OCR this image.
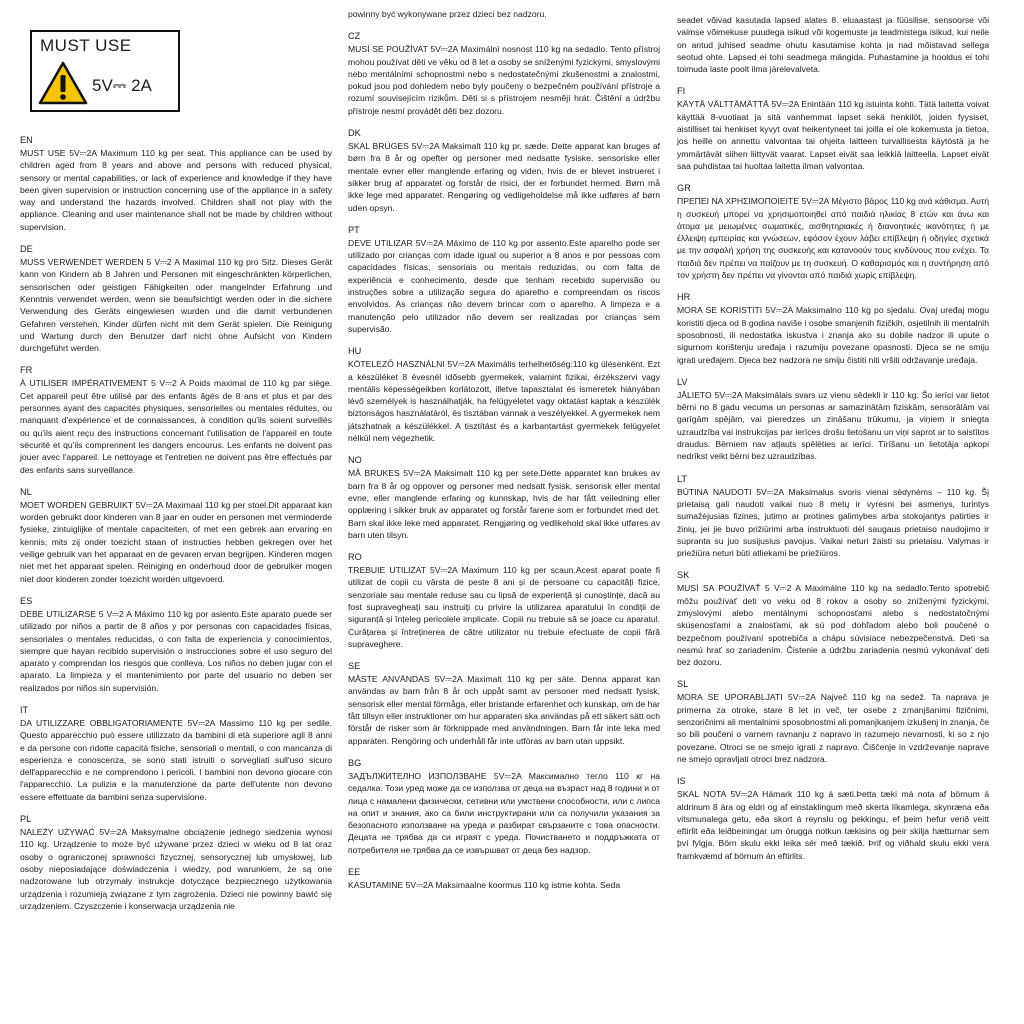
MUST USE
5V⎓ 2A
EN

MUST USE 5V⎓2A Maximum 110 kg per seat. This appliance can be used by children aged from 8 years and above and persons with reduced physical, sensory or mental capabilities, or lack of experience and knowledge if they have been given supervision or instruction concerning use of the appliance in a safety way and understand the hazards involved. Children shall not play with the appliance. Cleaning and user maintenance shall not be made by children without supervision.

DE

MUSS VERWENDET WERDEN 5 V⎓2 A Maximal 110 kg pro Sitz. Dieses Gerät kann von Kindern ab 8 Jahren und Personen mit eingeschränkten körperlichen, sensorischen oder geistigen Fähigkeiten oder mangelnder Erfahrung und Kenntnis verwendet werden, wenn sie beaufsichtigt werden oder in die sichere Verwendung des Geräts eingewiesen wurden und die damit verbundenen Gefahren verstehen. Kinder dürfen nicht mit dem Gerät spielen. Die Reinigung und Wartung durch den Benutzer darf nicht ohne Aufsicht von Kindern durchgeführt werden.

FR

À UTILISER IMPÉRATIVEMENT 5 V⎓2 A Poids maximal de 110 kg par siège. Cet appareil peut être utilisé par des enfants âgés de 8 ans et plus et par des personnes ayant des capacités physiques, sensorielles ou mentales réduites, ou manquant d'expérience et de connaissances, à condition qu'ils soient surveillés ou qu'ils aient reçu des instructions concernant l'utilisation de l'appareil en toute sécurité et qu'ils comprennent les dangers encourus. Les enfants ne doivent pas jouer avec l'appareil. Le nettoyage et l'entretien ne doivent pas être effectués par des enfants sans surveillance.

NL

MOET WORDEN GEBRUIKT 5V⎓2A Maximaal 110 kg per stoel.Dit apparaat kan worden gebruikt door kinderen van 8 jaar en ouder en personen met verminderde fysieke, zintuiglijke of mentale capaciteiten, of met een gebrek aan ervaring en kennis, mits zij onder toezicht staan of instructies hebben gekregen over het veilige gebruik van het apparaat en de gevaren ervan begrijpen. Kinderen mogen niet met het apparaat spelen. Reiniging en onderhoud door de gebruiker mogen niet door kinderen zonder toezicht worden uitgevoerd.

ES

DEBE UTILIZARSE 5 V⎓2 A Máximo 110 kg por asiento.Este aparato puede ser utilizado por niños a partir de 8 años y por personas con capacidades físicas, sensoriales o mentales reducidas, o con falta de experiencia y conocimientos, siempre que hayan recibido supervisión o instrucciones sobre el uso seguro del aparato y comprendan los riesgos que conlleva. Los niños no deben jugar con el aparato. La limpieza y el mantenimiento por parte del usuario no deben ser realizados por niños sin supervisión.

IT

DA UTILIZZARE OBBLIGATORIAMENTE 5V⎓2A Massimo 110 kg per sedile. Questo apparecchio può essere utilizzato da bambini di età superiore agli 8 anni e da persone con ridotte capacità fisiche, sensoriali o mentali, o con mancanza di esperienza e conoscenza, se sono stati istruiti o sorvegliati sull'uso sicuro dell'apparecchio e ne comprendono i pericoli. I bambini non devono giocare con l'apparecchio. La pulizia e la manutenzione da parte dell'utente non devono essere effettuate da bambini senza supervisione.

PL

NALEŻY UŻYWAĆ 5V⎓2A Maksymalne obciążenie jednego siedzenia wynosi 110 kg. Urządzenie to może być używane przez dzieci w wieku od 8 lat oraz osoby o ograniczonej sprawności fizycznej, sensorycznej lub umysłowej, lub osoby nieposiadające doświadczenia i wiedzy, pod warunkiem, że są one nadzorowane lub otrzymały instrukcje dotyczące bezpiecznego użytkowania urządzenia i rozumieją związane z tym zagrożenia. Dzieci nie powinny bawić się urządzeniem. Czyszczenie i konserwacja urządzenia nie

powinny być wykonywane przez dzieci bez nadzoru.

CZ

MUSÍ SE POUŽÍVAT 5V⎓2A Maximální nosnost 110 kg na sedadlo. Tento přístroj mohou používat děti ve věku od 8 let a osoby se sníženými fyzickými, smyslovými nebo mentálními schopnostmi nebo s nedostatečnými zkušenostmi a znalostmi, pokud jsou pod dohledem nebo byly poučeny o bezpečném používání přístroje a rozumí souvisejícím rizikům. Děti si s přístrojem nesmějí hrát. Čištění a údržbu přístroje nesmí provádět děti bez dozoru.

DK

SKAL BRUGES 5V⎓2A Maksimalt 110 kg pr. sæde. Dette apparat kan bruges af børn fra 8 år og opefter og personer med nedsatte fysiske, sensoriske eller mentale evner eller manglende erfaring og viden, hvis de er blevet instrueret i sikker brug af apparatet og forstår de risici, der er forbundet hermed. Børn må ikke lege med apparatet. Rengøring og vedligeholdelse må ikke udføres af børn uden opsyn.

PT

DEVE UTILIZAR 5V⎓2A Máximo de 110 kg por assento.Este aparelho pode ser utilizado por crianças com idade igual ou superior a 8 anos e por pessoas com capacidades físicas, sensoriais ou mentais reduzidas, ou com falta de experiência e conhecimento, desde que tenham recebido supervisão ou instruções sobre a utilização segura do aparelho e compreendam os riscos envolvidos. As crianças não devem brincar com o aparelho. A limpeza e a manutenção pelo utilizador não devem ser realizadas por crianças sem supervisão.

HU

KÖTELEZŐ HASZNÁLNI 5V⎓2A Maximális terhelhetőség:110 kg ülésenként. Ezt a készüléket 8 évesnél idősebb gyermekek, valamint fizikai, érzékszervi vagy mentális képességeikben korlátozott, illetve tapasztalat és ismeretek hiányában lévő személyek is használhatják, ha felügyeletet vagy oktatást kaptak a készülék biztonságos használatáról, és tisztában vannak a veszélyekkel. A gyermekek nem játszhatnak a készülékkel. A tisztítást és a karbantartást gyermekek felügyelet nélkül nem végezhetik.

NO

MÅ BRUKES 5V⎓2A Maksimalt 110 kg per sete.Dette apparatet kan brukes av barn fra 8 år og oppover og personer med nedsatt fysisk, sensorisk eller mental evne, eller manglende erfaring og kunnskap, hvis de har fått veiledning eller opplæring i sikker bruk av apparatet og forstår farene som er forbundet med det. Barn skal ikke leke med apparatet. Rengjøring og vedlikehold skal ikke utføres av barn uten tilsyn.

RO

TREBUIE UTILIZAT 5V⎓2A Maximum 110 kg per scaun.Acest aparat poate fi utilizat de copii cu vârsta de peste 8 ani și de persoane cu capacități fizice, senzoriale sau mentale reduse sau cu lipsă de experiență și cunoștințe, dacă au fost supravegheați sau instruiți cu privire la utilizarea aparatului în condiții de siguranță și înțeleg pericolele implicate. Copiii nu trebuie să se joace cu aparatul. Curățarea și întreținerea de către utilizator nu trebuie efectuate de copii fără supraveghere.

SE

MÅSTE ANVÄNDAS 5V⎓2A Maximalt 110 kg per säte. Denna apparat kan användas av barn från 8 år och uppåt samt av personer med nedsatt fysisk, sensorisk eller mental förmåga, eller bristande erfarenhet och kunskap, om de har fått tillsyn eller instruktioner om hur apparaten ska användas på ett säkert sätt och förstår de risker som är förknippade med användningen. Barn får inte leka med apparaten. Rengöring och underhåll får inte utföras av barn utan uppsikt.

BG

ЗАДЪЛЖИТЕЛНО ИЗПОЛЗВАНЕ 5V⎓2A Максимално тегло 110 кг на седалка. Този уред може да се използва от деца на възраст над 8 години и от лица с намалени физически, сетивни или умствени способности, или с липса на опит и знания, ако са били инструктирани или са получили указания за безопасното използване на уреда и разбират свързаните с това опасности. Децата не трябва да си играят с уреда. Почистването и поддръжката от потребителя не трябва да се извършват от деца без надзор.

EE

KASUTAMINE 5V⎓2A Maksimaalne koormus 110 kg istme kohta. Seda

seadet võivad kasutada lapsed alates 8. eluaastast ja füüsilise, sensoorse või vaimse võimekuse puudega isikud või kogemuste ja teadmistega isikud, kui neile on antud juhised seadme ohutu kasutamise kohta ja nad mõistavad sellega seotud ohte. Lapsed ei tohi seadmega mängida. Puhastamine ja hooldus ei tohi toimuda laste poolt ilma järelevalveta.

FI

KÄYTÄ VÄLTTÄMÄTTÄ 5V⎓2A Enintään 110 kg istuinta kohti. Tätä laitetta voivat käyttää 8-vuotiaat ja sitä vanhemmat lapset sekä henkilöt, joiden fyysiset, aistilliset tai henkiset kyvyt ovat heikentyneet tai joilla ei ole kokemusta ja tietoa, jos heille on annettu valvontaa tai ohjeita laitteen turvallisesta käytöstä ja he ymmärtävät siihen liittyvät vaarat. Lapset eivät saa leikkiä laitteella. Lapset eivät saa puhdistaa tai huoltaa laitetta ilman valvontaa.

GR

ΠΡΕΠΕΙ ΝΑ ΧΡΗΣΙΜΟΠΟΙΕΙΤΕ 5V⎓2A Μέγιστο βάρος 110 kg ανά κάθισμα. Αυτή η συσκευή μπορεί να χρησιμοποιηθεί από παιδιά ηλικίας 8 ετών και άνω και άτομα με μειωμένες σωματικές, αισθητηριακές ή διανοητικές ικανότητες ή με έλλειψη εμπειρίας και γνώσεων, εφόσον έχουν λάβει επίβλεψη ή οδηγίες σχετικά με την ασφαλή χρήση της συσκευής και κατανοούν τους κινδύνους που ενέχει. Τα παιδιά δεν πρέπει να παίζουν με τη συσκευή. Ο καθαρισμός και η συντήρηση από τον χρήστη δεν πρέπει να γίνονται από παιδιά χωρίς επίβλεψη.

HR

MORA SE KORISTITI 5V⎓2A Maksimalno 110 kg po sjedalu. Ovaj uređaj mogu koristiti djeca od 8 godina naviše i osobe smanjenih fizičkih, osjetilnih ili mentalnih sposobnosti, ili nedostatka iskustva i znanja ako su dobile nadzor ili upute o sigurnom korištenju uređaja i razumiju povezane opasnosti. Djeca se ne smiju igrati uređajem. Djeca bez nadzora ne smiju čistiti niti vršiti održavanje uređaja.

LV

JĀLIETO 5V⎓2A Maksimālais svars uz vienu sēdekli ir 110 kg. Šo ierīci var lietot bērni no 8 gadu vecuma un personas ar samazinātām fiziskām, sensorālām vai garīgām spējām, vai pieredzes un zināšanu trūkumu, ja viņiem ir sniegta uzraudzība vai instrukcijas par ierīces drošu lietošanu un viņi saprot ar to saistītos draudus. Bērniem nav atļauts spēlēties ar ierīci. Tīrīšanu un lietotāja apkopi nedrīkst veikt bērni bez uzraudzības.

LT

BŪTINA NAUDOTI 5V⎓2A Maksimalus svoris vienai sėdynėms – 110 kg. Šį prietaisą gali naudoti vaikai nuo 8 metų ir vyresni bei asmenys, turintys sumažėjusias fizines, jutimo ar protines galimybes arba stokojantys patirties ir žinių, jei jie buvo prižiūrimi arba instruktuoti dėl saugaus prietaiso naudojimo ir supranta su juo susijusius pavojus. Vaikai neturi žaisti su prietaisu. Valymas ir priežiūra neturi būti atliekami be priežiūros.

SK

MUSÍ SA POUŽÍVAŤ 5 V⎓2 A Maximálne 110 kg na sedadlo.Tento spotrebič môžu používať deti vo veku od 8 rokov a osoby so zníženými fyzickými, zmyslovými alebo mentálnymi schopnosťami alebo s nedostatočnými skúsenosťami a znalosťami, ak sú pod dohľadom alebo boli poučené o bezpečnom používaní spotrebiča a chápu súvisiace nebezpečenstvá. Deti sa nesmú hrať so zariadením. Čistenie a údržbu zariadenia nesmú vykonávať deti bez dozoru.

SL

MORA SE UPORABLJATI 5V⎓2A Največ 110 kg na sedež. Ta naprava je primerna za otroke, stare 8 let in več, ter osebe z zmanjšanimi fizičnimi, senzoričnimi ali mentalnimi sposobnostmi ali pomanjkanjem izkušenj in znanja, če so bili poučeni o varnem ravnanju z napravo in razumejo nevarnosti, ki so z njo povezane. Otroci se ne smejo igrati z napravo. Čiščenje in vzdrževanje naprave ne smejo opravljati otroci brez nadzora.

IS

SKAL NOTA 5V⎓2A Hámark 110 kg á sæti.Þetta tæki má nota af börnum á aldrinum 8 ára og eldri og af einstaklingum með skerta líkamlega, skynræna eða vitsmunalega getu, eða skort á reynslu og þekkingu, ef þeim hefur verið veitt eftirlit eða leiðbeiningar um örugga notkun tækisins og þeir skilja hætturnar sem því fylgja. Börn skulu ekki leika sér með tækið. Þrif og viðhald skulu ekki vera framkvæmd af börnum án eftirlits.
